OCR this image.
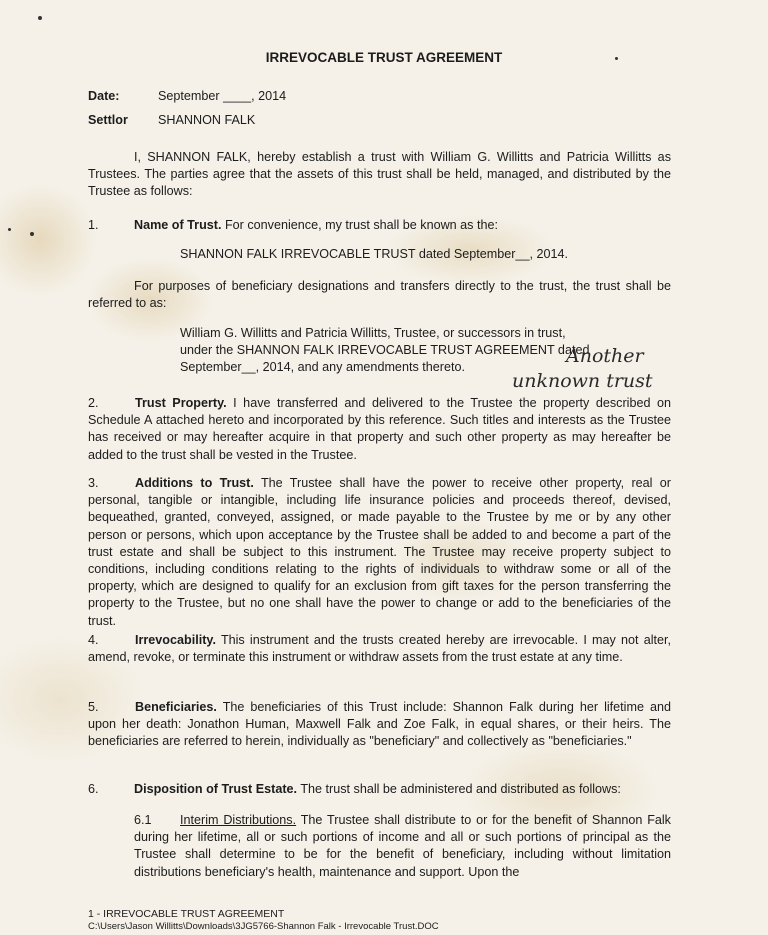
IRREVOCABLE TRUST AGREEMENT
Date:	September ____, 2014
Settlor SHANNON FALK
I, SHANNON FALK, hereby establish a trust with William G. Willitts and Patricia Willitts as Trustees. The parties agree that the assets of this trust shall be held, managed, and distributed by the Trustee as follows:
1.	Name of Trust. For convenience, my trust shall be known as the:
SHANNON FALK IRREVOCABLE TRUST dated September__, 2014.
For purposes of beneficiary designations and transfers directly to the trust, the trust shall be referred to as:
William G. Willitts and Patricia Willitts, Trustee, or successors in trust,
under the SHANNON FALK IRREVOCABLE TRUST AGREEMENT dated
September__, 2014, and any amendments thereto.	Another
unknown trust
2.	Trust Property. I have transferred and delivered to the Trustee the property described on Schedule A attached hereto and incorporated by this reference. Such titles and interests as the Trustee has received or may hereafter acquire in that property and such other property as may hereafter be added to the trust shall be vested in the Trustee.
3.	Additions to Trust. The Trustee shall have the power to receive other property, real or personal, tangible or intangible, including life insurance policies and proceeds thereof, devised, bequeathed, granted, conveyed, assigned, or made payable to the Trustee by me or by any other person or persons, which upon acceptance by the Trustee shall be added to and become a part of the trust estate and shall be subject to this instrument. The Trustee may receive property subject to conditions, including conditions relating to the rights of individuals to withdraw some or all of the property, which are designed to qualify for an exclusion from gift taxes for the person transferring the property to the Trustee, but no one shall have the power to change or add to the beneficiaries of the trust.
4.	Irrevocability. This instrument and the trusts created hereby are irrevocable. I may not alter, amend, revoke, or terminate this instrument or withdraw assets from the trust estate at any time.
5.	Beneficiaries. The beneficiaries of this Trust include: Shannon Falk during her lifetime and upon her death: Jonathon Human, Maxwell Falk and Zoe Falk, in equal shares, or their heirs. The beneficiaries are referred to herein, individually as "beneficiary" and collectively as "beneficiaries."
6.	Disposition of Trust Estate. The trust shall be administered and distributed as follows:
6.1 Interim Distributions. The Trustee shall distribute to or for the benefit of Shannon Falk during her lifetime, all or such portions of income and all or such portions of principal as the Trustee shall determine to be for the benefit of beneficiary, including without limitation distributions beneficiary's health, maintenance and support. Upon the
1 - IRREVOCABLE TRUST AGREEMENT
C:\Users\Jason Willitts\Downloads\3JG5766-Shannon Falk - Irrevocable Trust.DOC
